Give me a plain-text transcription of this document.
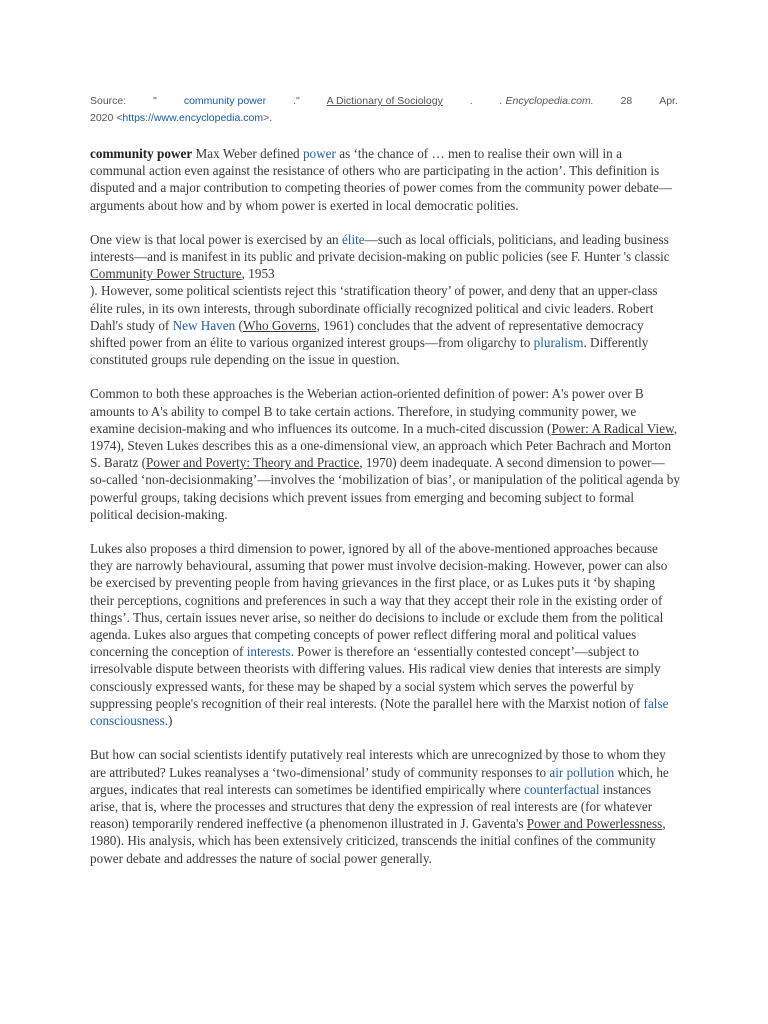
Source:	"	community power	."	A Dictionary of Sociology	.	. Encyclopedia.com.	28	Apr.
2020 <https://www.encyclopedia.com>.

community power Max Weber defined power as ‘the chance of … men to realise their own will in a communal action even against the resistance of others who are participating in the action’. This definition is disputed and a major contribution to competing theories of power comes from the community power debate—arguments about how and by whom power is exerted in local democratic polities.

One view is that local power is exercised by an élite—such as local officials, politicians, and leading business interests—and is manifest in its public and private decision-making on public policies (see F. Hunter 's classic Community Power Structure, 1953
). However, some political scientists reject this ‘stratification theory’ of power, and deny that an upper-class élite rules, in its own interests, through subordinate officially recognized political and civic leaders. Robert Dahl's study of New Haven (Who Governs, 1961) concludes that the advent of representative democracy shifted power from an élite to various organized interest groups—from oligarchy to pluralism. Differently constituted groups rule depending on the issue in question.

Common to both these approaches is the Weberian action-oriented definition of power: A's power over B amounts to A's ability to compel B to take certain actions. Therefore, in studying community power, we examine decision-making and who influences its outcome. In a much-cited discussion (Power: A Radical View, 1974), Steven Lukes describes this as a one-dimensional view, an approach which Peter Bachrach and Morton S. Baratz (Power and Poverty: Theory and Practice, 1970) deem inadequate. A second dimension to power—so-called ‘non-decisionmaking’—involves the ‘mobilization of bias’, or manipulation of the political agenda by powerful groups, taking decisions which prevent issues from emerging and becoming subject to formal political decision-making.

Lukes also proposes a third dimension to power, ignored by all of the above-mentioned approaches because they are narrowly behavioural, assuming that power must involve decision-making. However, power can also be exercised by preventing people from having grievances in the first place, or as Lukes puts it ‘by shaping their perceptions, cognitions and preferences in such a way that they accept their role in the existing order of things’. Thus, certain issues never arise, so neither do decisions to include or exclude them from the political agenda. Lukes also argues that competing concepts of power reflect differing moral and political values concerning the conception of interests. Power is therefore an ‘essentially contested concept’—subject to irresolvable dispute between theorists with differing values. His radical view denies that interests are simply consciously expressed wants, for these may be shaped by a social system which serves the powerful by suppressing people's recognition of their real interests. (Note the parallel here with the Marxist notion of false consciousness.)

But how can social scientists identify putatively real interests which are unrecognized by those to whom they are attributed? Lukes reanalyses a ‘two-dimensional’ study of community responses to air pollution which, he argues, indicates that real interests can sometimes be identified empirically where counterfactual instances arise, that is, where the processes and structures that deny the expression of real interests are (for whatever reason) temporarily rendered ineffective (a phenomenon illustrated in J. Gaventa's Power and Powerlessness, 1980). His analysis, which has been extensively criticized, transcends the initial confines of the community power debate and addresses the nature of social power generally.
